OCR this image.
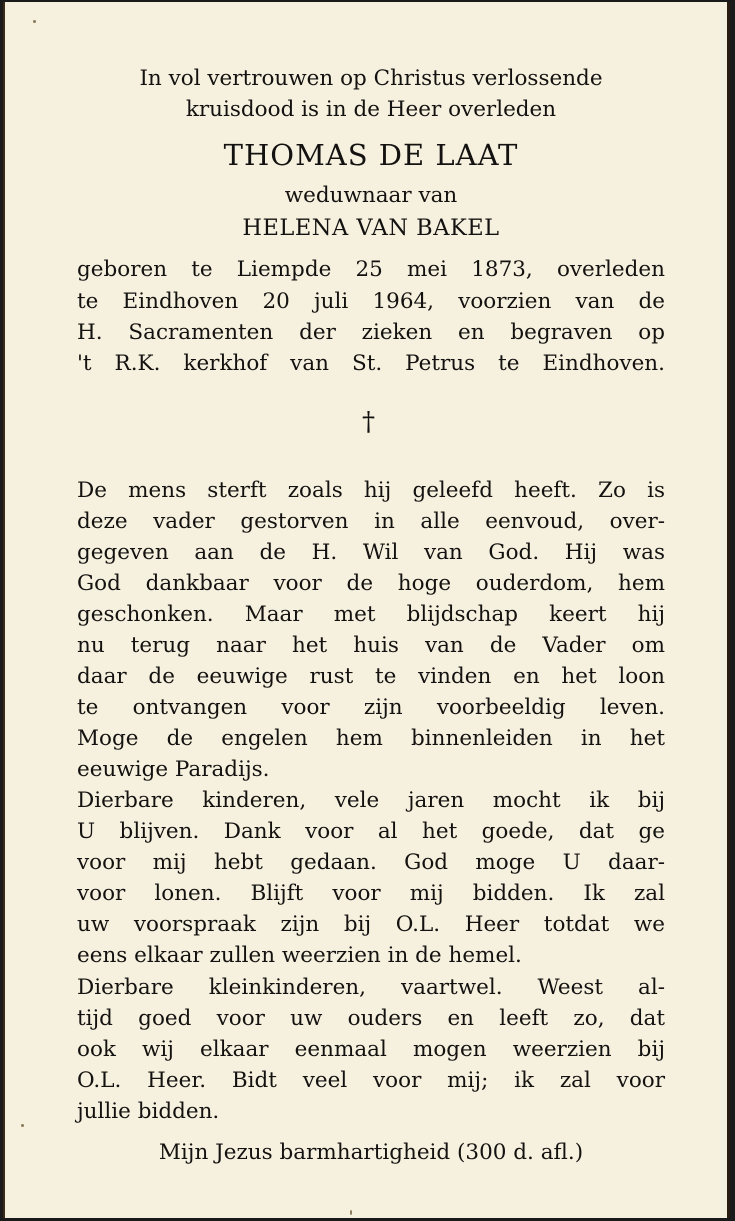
In vol vertrouwen op Christus verlossende
kruisdood is in de Heer overleden
THOMAS DE LAAT
weduwnaar van
HELENA VAN BAKEL
geboren te Liempde 25 mei 1873, overleden
te Eindhoven 20 juli 1964, voorzien van de
H. Sacramenten der zieken en begraven op
't R.K. kerkhof van St. Petrus te Eindhoven.
†
De mens sterft zoals hij geleefd heeft. Zo is
deze vader gestorven in alle eenvoud, over-
gegeven aan de H. Wil van God. Hij was
God dankbaar voor de hoge ouderdom, hem
geschonken. Maar met blijdschap keert hij
nu terug naar het huis van de Vader om
daar de eeuwige rust te vinden en het loon
te ontvangen voor zijn voorbeeldig leven.
Moge de engelen hem binnenleiden in het
eeuwige Paradijs.
Dierbare kinderen, vele jaren mocht ik bij
U blijven. Dank voor al het goede, dat ge
voor mij hebt gedaan. God moge U daar-
voor lonen. Blijft voor mij bidden. Ik zal
uw voorspraak zijn bij O.L. Heer totdat we
eens elkaar zullen weerzien in de hemel.
Dierbare kleinkinderen, vaartwel. Weest al-
tijd goed voor uw ouders en leeft zo, dat
ook wij elkaar eenmaal mogen weerzien bij
O.L. Heer. Bidt veel voor mij; ik zal voor
jullie bidden.
Mijn Jezus barmhartigheid (300 d. afl.)
